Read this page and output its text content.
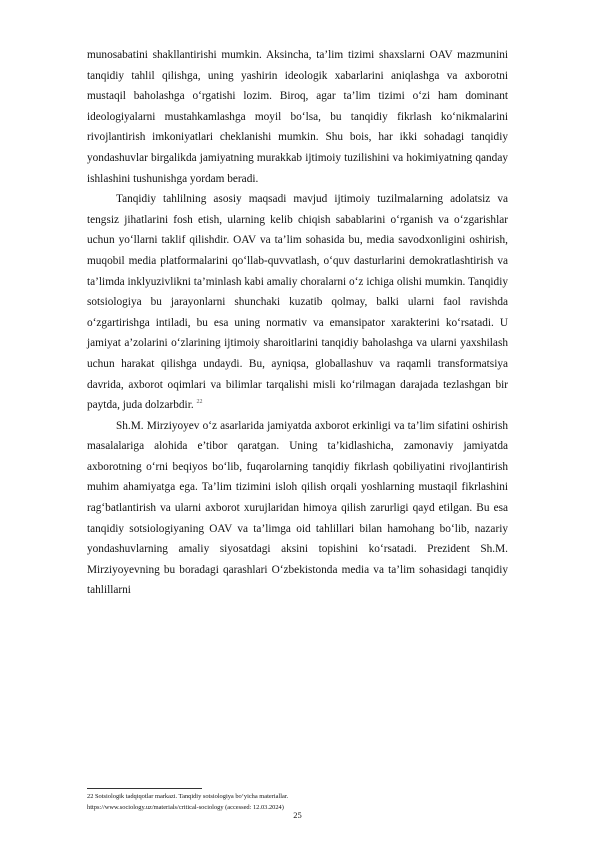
munosabatini shakllantirishi mumkin. Aksincha, ta’lim tizimi shaxslarni OAV mazmunini tanqidiy tahlil qilishga, uning yashirin ideologik xabarlarini aniqlashga va axborotni mustaqil baholashga o‘rgatishi lozim. Biroq, agar ta’lim tizimi o‘zi ham dominant ideologiyalarni mustahkamlashga moyil bo‘lsa, bu tanqidiy fikrlash ko‘nikmalarini rivojlantirish imkoniyatlari cheklanishi mumkin. Shu bois, har ikki sohadagi tanqidiy yondashuvlar birgalikda jamiyatning murakkab ijtimoiy tuzilishini va hokimiyatning qanday ishlashini tushunishga yordam beradi.

Tanqidiy tahlilning asosiy maqsadi mavjud ijtimoiy tuzilmalarning adolatsiz va tengsiz jihatlarini fosh etish, ularning kelib chiqish sabablarini o‘rganish va o‘zgarishlar uchun yo‘llarni taklif qilishdir. OAV va ta’lim sohasida bu, media savodxonligini oshirish, muqobil media platformalarini qo‘llab-quvvatlash, o‘quv dasturlarini demokratlashtirish va ta’limda inklyuzivlikni ta’minlash kabi amaliy choralarni o‘z ichiga olishi mumkin. Tanqidiy sotsiologiya bu jarayonlarni shunchaki kuzatib qolmay, balki ularni faol ravishda o‘zgartirishga intiladi, bu esa uning normativ va emansipator xarakterini ko‘rsatadi. U jamiyat a’zolarini o‘zlarining ijtimoiy sharoitlarini tanqidiy baholashga va ularni yaxshilash uchun harakat qilishga undaydi. Bu, ayniqsa, globallashuv va raqamli transformatsiya davrida, axborot oqimlari va bilimlar tarqalishi misli ko‘rilmagan darajada tezlashgan bir paytda, juda dolzarbdir. $^{22}$

Sh.M. Mirziyoyev o‘z asarlarida jamiyatda axborot erkinligi va ta’lim sifatini oshirish masalalariga alohida e’tibor qaratgan. Uning ta’kidlashicha, zamonaviy jamiyatda axborotning o‘rni beqiyos bo‘lib, fuqarolarning tanqidiy fikrlash qobiliyatini rivojlantirish muhim ahamiyatga ega. Ta’lim tizimini isloh qilish orqali yoshlarning mustaqil fikrlashini rag‘batlantirish va ularni axborot xurujlaridan himoya qilish zarurligi qayd etilgan. Bu esa tanqidiy sotsiologiyaning OAV va ta’limga oid tahlillari bilan hamohang bo‘lib, nazariy yondashuvlarning amaliy siyosatdagi aksini topishini ko‘rsatadi. Prezident Sh.M. Mirziyoyevning bu boradagi qarashlari O‘zbekistonda media va ta’lim sohasidagi tanqidiy tahlillarni

22 Sotsiologik tadqiqotlar markazi. Tanqidiy sotsiologiya bo‘yicha materiallar.

https://www.sociology.uz/materials/critical-sociology (accessed: 12.03.2024)

25
